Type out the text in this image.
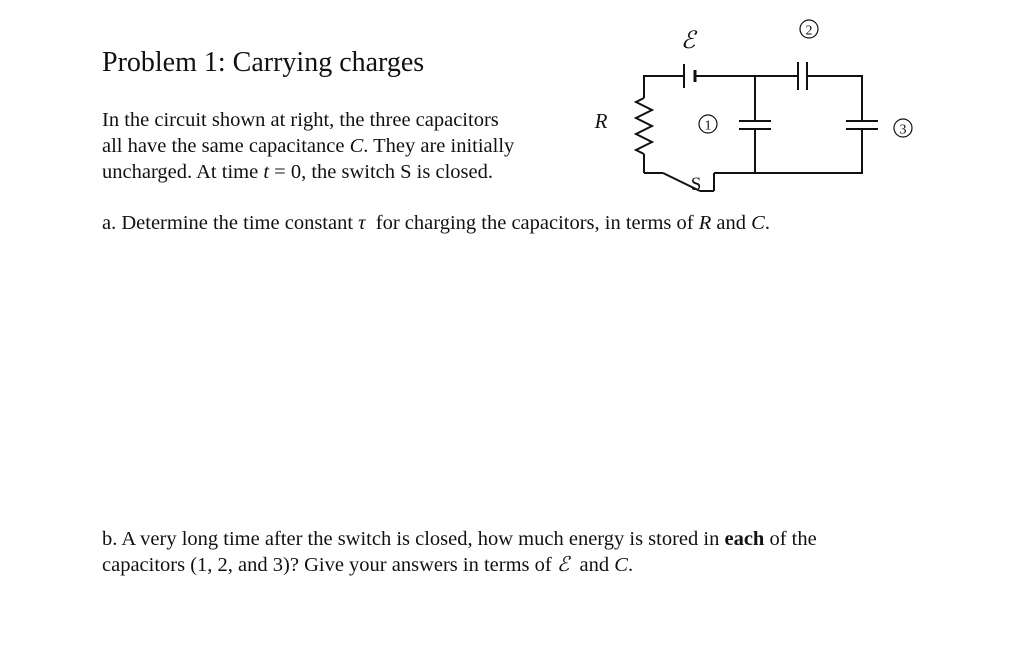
Problem 1: Carrying charges
In the circuit shown at right, the three capacitors
all have the same capacitance C. They are initially
uncharged. At time t = 0, the switch S is closed.
a. Determine the time constant τ  for charging the capacitors, in terms of R and C.
b. A very long time after the switch is closed, how much energy is stored in each of the
capacitors (1, 2, and 3)? Give your answers in terms of ℰ  and C.
1
2
3
ℰ
R
S
